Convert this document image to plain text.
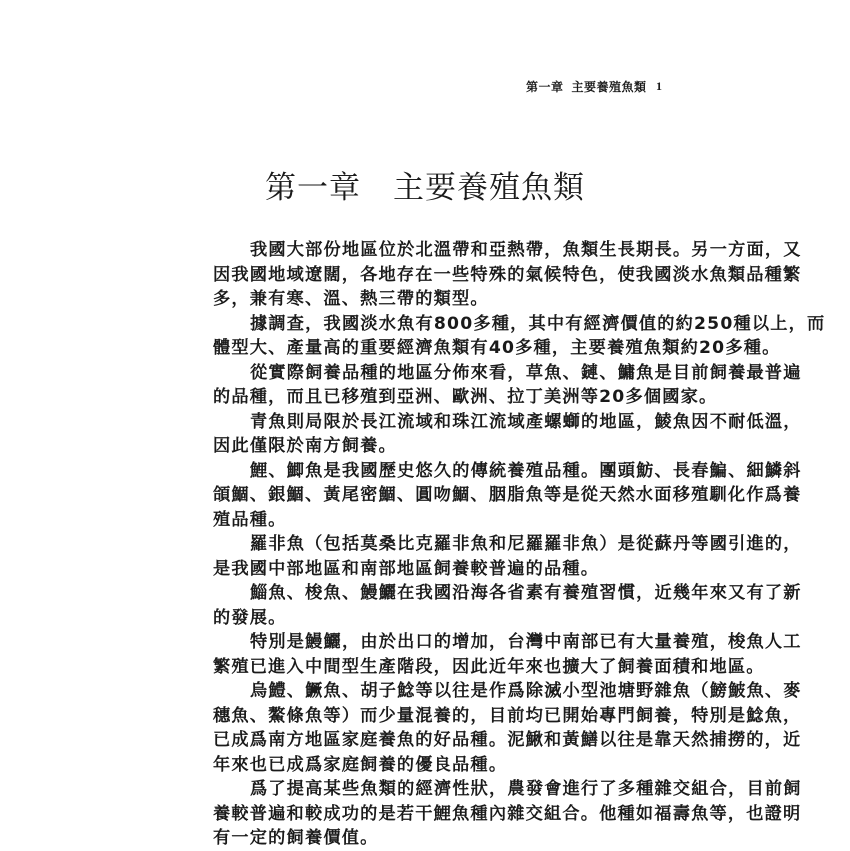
第一章 主要養殖魚類 1
第一章　主要養殖魚類
我國大部份地區位於北溫帶和亞熱帶，魚類生長期長。另一方面，又
因我國地域遼闊，各地存在一些特殊的氣候特色，使我國淡水魚類品種繁
多，兼有寒、溫、熱三帶的類型。
據調查，我國淡水魚有800多種，其中有經濟價值的約250種以上，而
體型大、產量高的重要經濟魚類有40多種，主要養殖魚類約20多種。
從實際飼養品種的地區分佈來看，草魚、鏈、鱅魚是目前飼養最普遍
的品種，而且已移殖到亞洲、歐洲、拉丁美洲等20多個國家。
青魚則局限於長江流域和珠江流域產螺螄的地區，鯪魚因不耐低溫，
因此僅限於南方飼養。
鯉、鯽魚是我國歷史悠久的傳統養殖品種。團頭魴、長春鯿、細鱗斜
頜鯝、銀鯝、黃尾密鯝、圓吻鯝、胭脂魚等是從天然水面移殖馴化作爲養
殖品種。
羅非魚（包括莫桑比克羅非魚和尼羅羅非魚）是從蘇丹等國引進的，
是我國中部地區和南部地區飼養較普遍的品種。
鯔魚、梭魚、鰻鱺在我國沿海各省素有養殖習慣，近幾年來又有了新
的發展。
特別是鰻鱺，由於出口的增加，台灣中南部已有大量養殖，梭魚人工
繁殖已進入中間型生產階段，因此近年來也擴大了飼養面積和地區。
烏鱧、鱖魚、胡子鯰等以往是作爲除滅小型池塘野雜魚（鰟鮍魚、麥
穗魚、鰲條魚等）而少量混養的，目前均已開始專門飼養，特別是鯰魚，
已成爲南方地區家庭養魚的好品種。泥鰍和黃鱔以往是靠天然捕撈的，近
年來也已成爲家庭飼養的優良品種。
爲了提高某些魚類的經濟性狀，農發會進行了多種雜交組合，目前飼
養較普遍和較成功的是若干鯉魚種內雜交組合。他種如福壽魚等，也證明
有一定的飼養價值。
